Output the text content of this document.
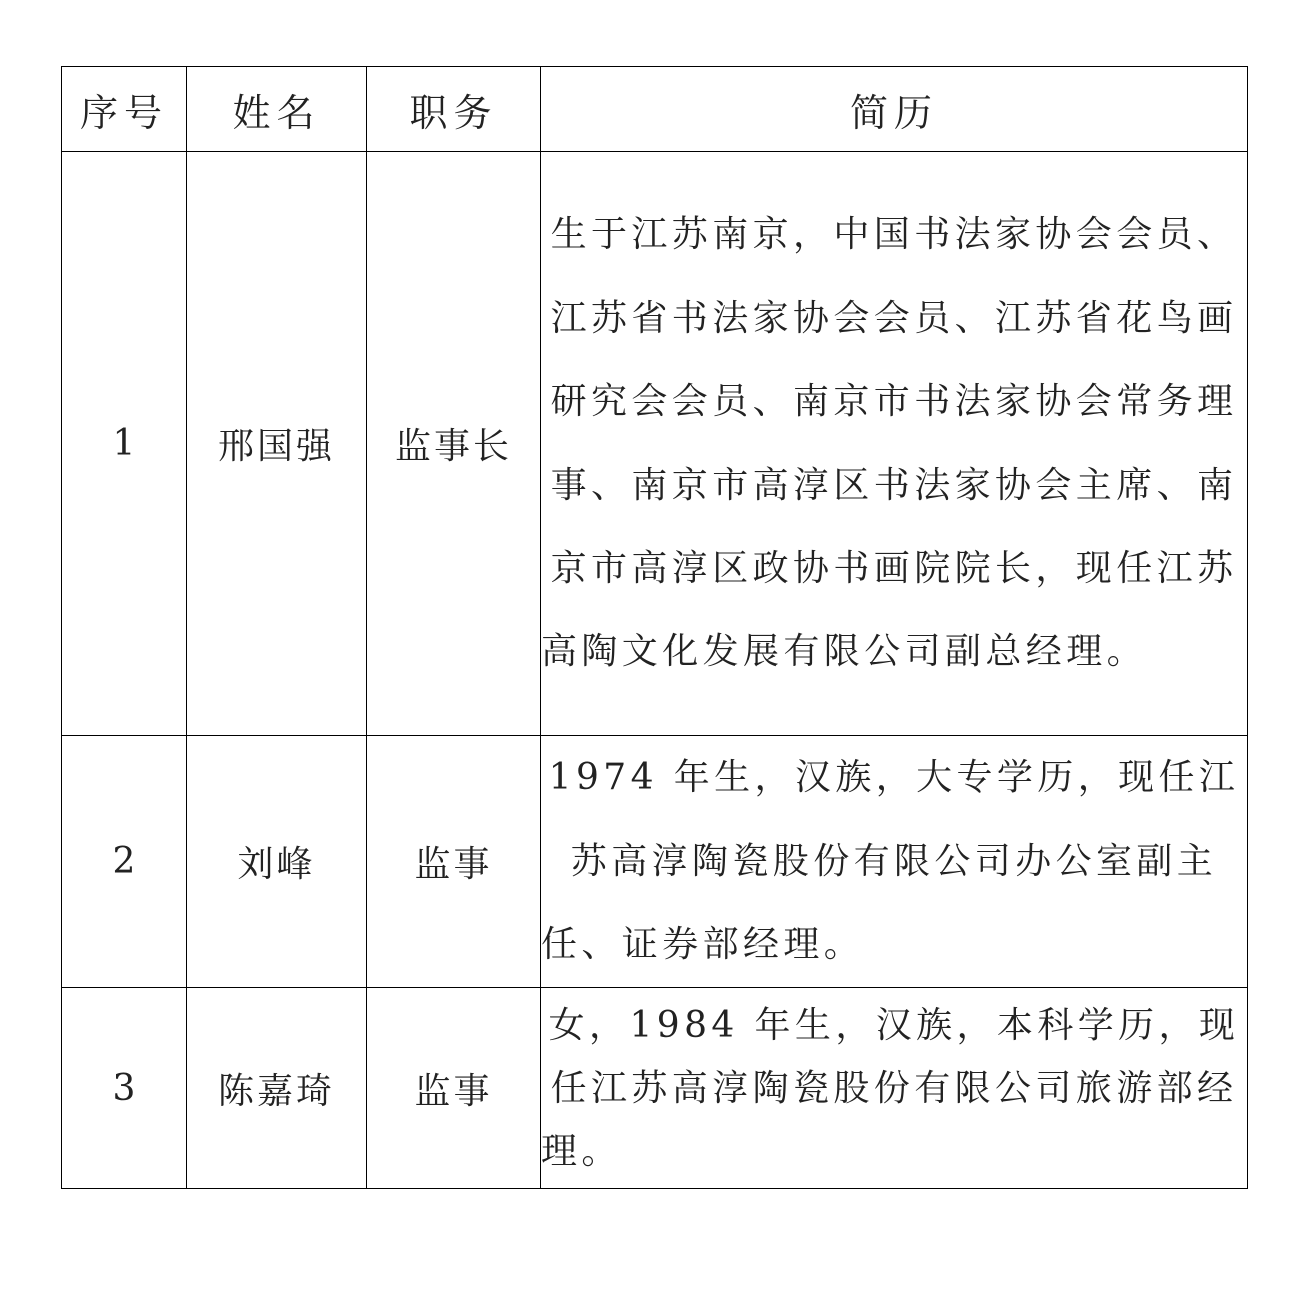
序号	姓名	职务	简历
1	邢国强	监事长	生于江苏南京，中国书法家协会会员、江苏省书法家协会会员、江苏省花鸟画研究会会员、南京市书法家协会常务理事、南京市高淳区书法家协会主席、南京市高淳区政协书画院院长，现任江苏高陶文化发展有限公司副总经理。
2	刘峰	监事	1974 年生，汉族，大专学历，现任江苏高淳陶瓷股份有限公司办公室副主任、证券部经理。
3	陈嘉琦	监事	女，1984 年生，汉族，本科学历，现任江苏高淳陶瓷股份有限公司旅游部经理。
